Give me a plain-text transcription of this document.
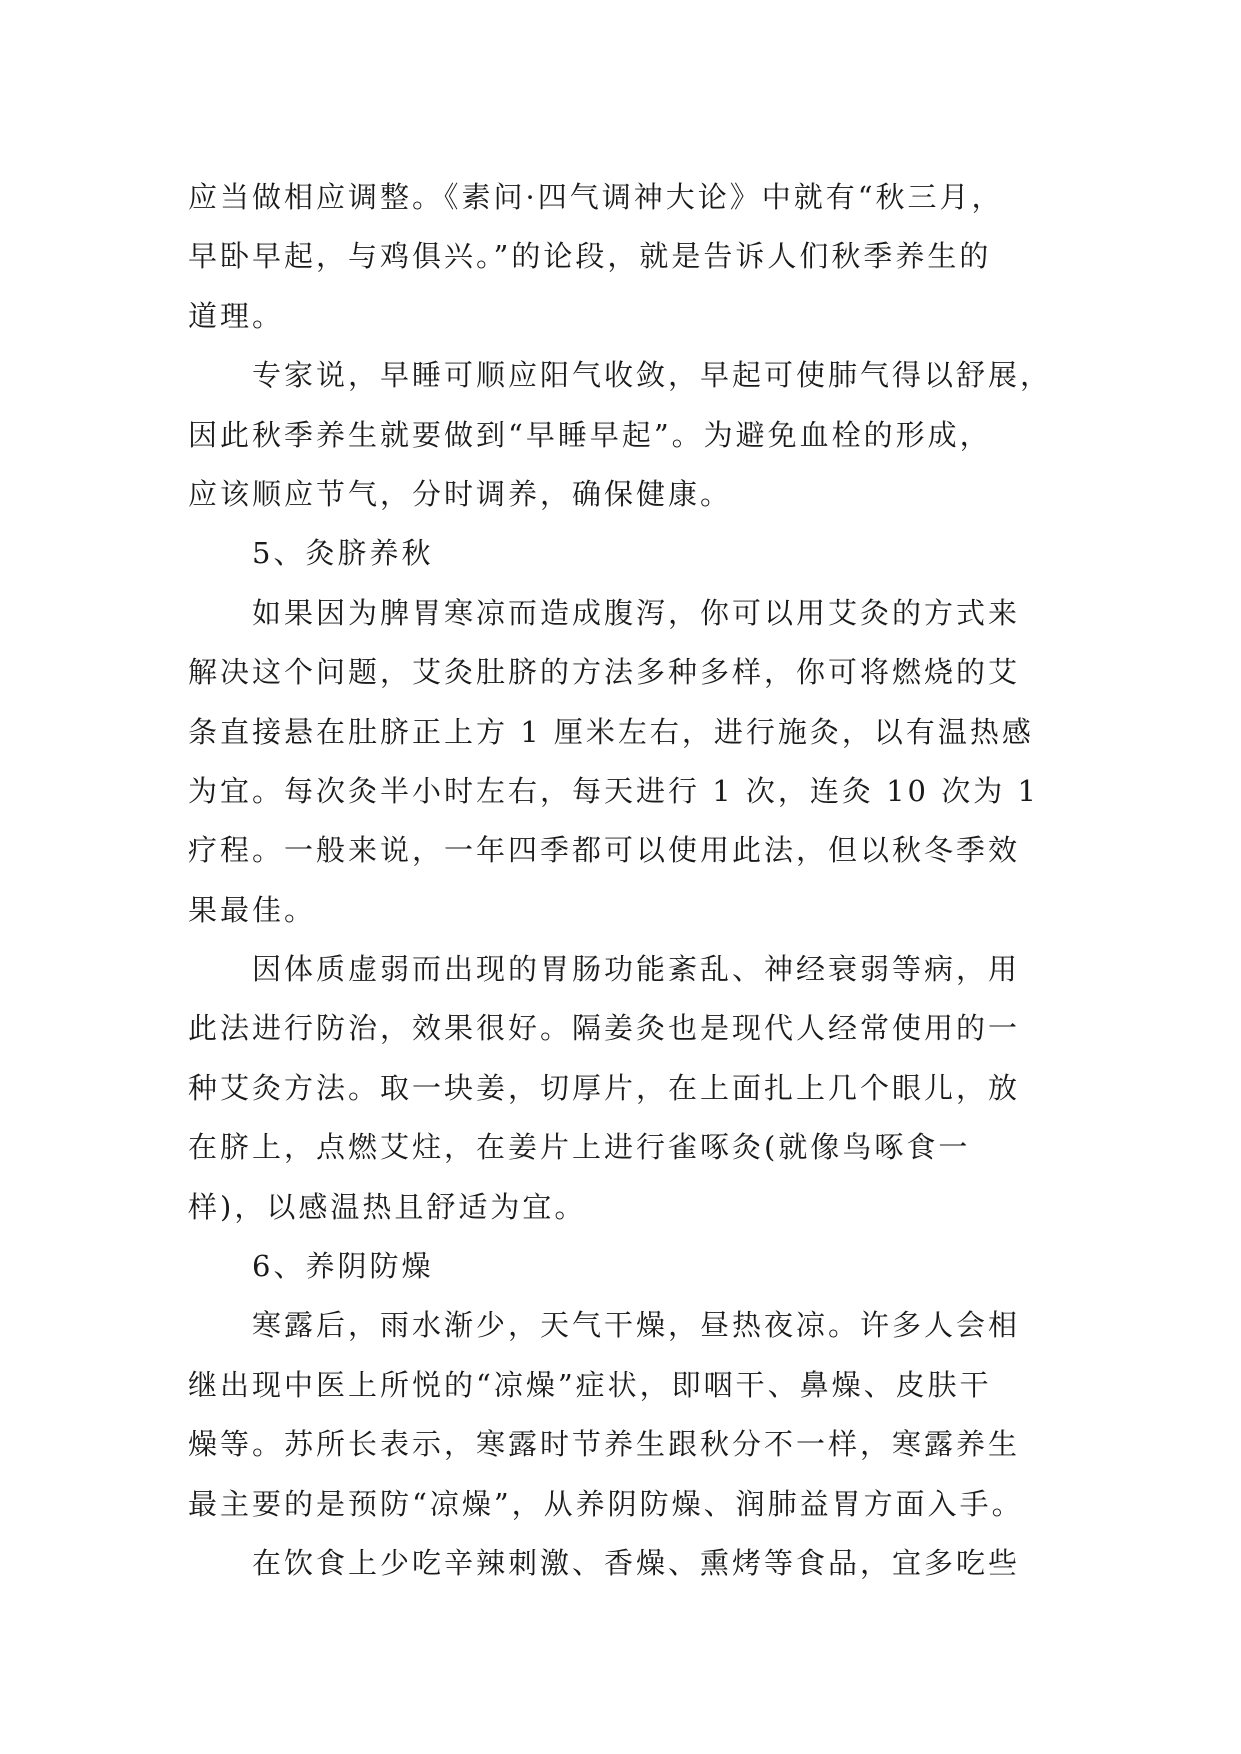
应当做相应调整。《素问·四气调神大论》中就有“秋三月，
早卧早起，与鸡俱兴。”的论段，就是告诉人们秋季养生的
道理。
　　专家说，早睡可顺应阳气收敛，早起可使肺气得以舒展，
因此秋季养生就要做到“早睡早起”。为避免血栓的形成，
应该顺应节气，分时调养，确保健康。
　　5、灸脐养秋
　　如果因为脾胃寒凉而造成腹泻，你可以用艾灸的方式来
解决这个问题，艾灸肚脐的方法多种多样，你可将燃烧的艾
条直接悬在肚脐正上方 1 厘米左右，进行施灸，以有温热感
为宜。每次灸半小时左右，每天进行 1 次，连灸 10 次为 1
疗程。一般来说，一年四季都可以使用此法，但以秋冬季效
果最佳。
　　因体质虚弱而出现的胃肠功能紊乱、神经衰弱等病，用
此法进行防治，效果很好。隔姜灸也是现代人经常使用的一
种艾灸方法。取一块姜，切厚片，在上面扎上几个眼儿，放
在脐上，点燃艾炷，在姜片上进行雀啄灸(就像鸟啄食一
样)，以感温热且舒适为宜。
　　6、养阴防燥
　　寒露后，雨水渐少，天气干燥，昼热夜凉。许多人会相
继出现中医上所悦的“凉燥”症状，即咽干、鼻燥、皮肤干
燥等。苏所长表示，寒露时节养生跟秋分不一样，寒露养生
最主要的是预防“凉燥”，从养阴防燥、润肺益胃方面入手。
　　在饮食上少吃辛辣刺激、香燥、熏烤等食品，宜多吃些
